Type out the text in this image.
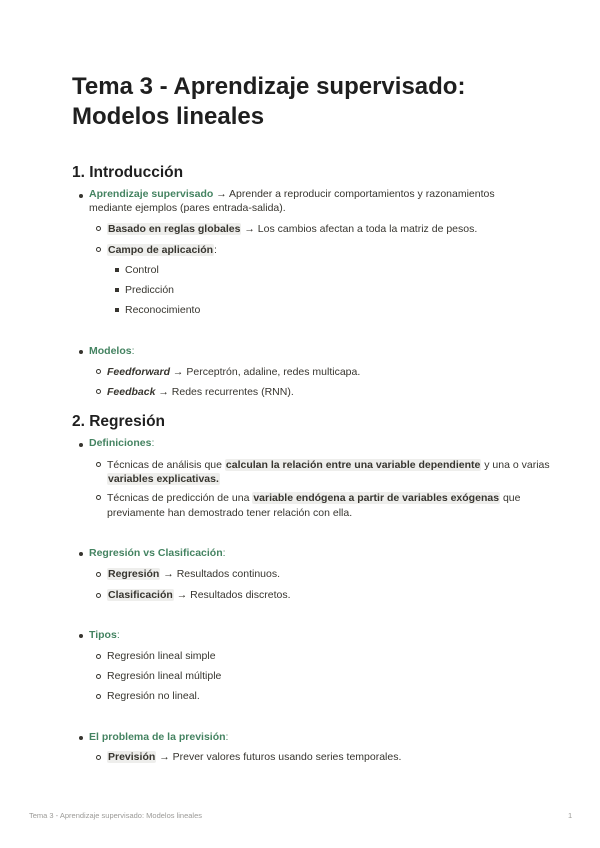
Tema 3 - Aprendizaje supervisado: Modelos lineales
1. Introducción
Aprendizaje supervisado → Aprender a reproducir comportamientos y razonamientos
mediante ejemplos (pares entrada-salida).
Basado en reglas globales → Los cambios afectan a toda la matriz de pesos.
Campo de aplicación:
Control
Predicción
Reconocimiento
Modelos:
Feedforward → Perceptrón, adaline, redes multicapa.
Feedback → Redes recurrentes (RNN).
2. Regresión
Definiciones:
Técnicas de análisis que calculan la relación entre una variable dependiente y una o varias
variables explicativas.
Técnicas de predicción de una variable endógena a partir de variables exógenas que
previamente han demostrado tener relación con ella.
Regresión vs Clasificación:
Regresión → Resultados continuos.
Clasificación → Resultados discretos.
Tipos:
Regresión lineal simple
Regresión lineal múltiple
Regresión no lineal.
El problema de la previsión:
Previsión → Prever valores futuros usando series temporales.
Tema 3 - Aprendizaje supervisado: Modelos lineales	1
